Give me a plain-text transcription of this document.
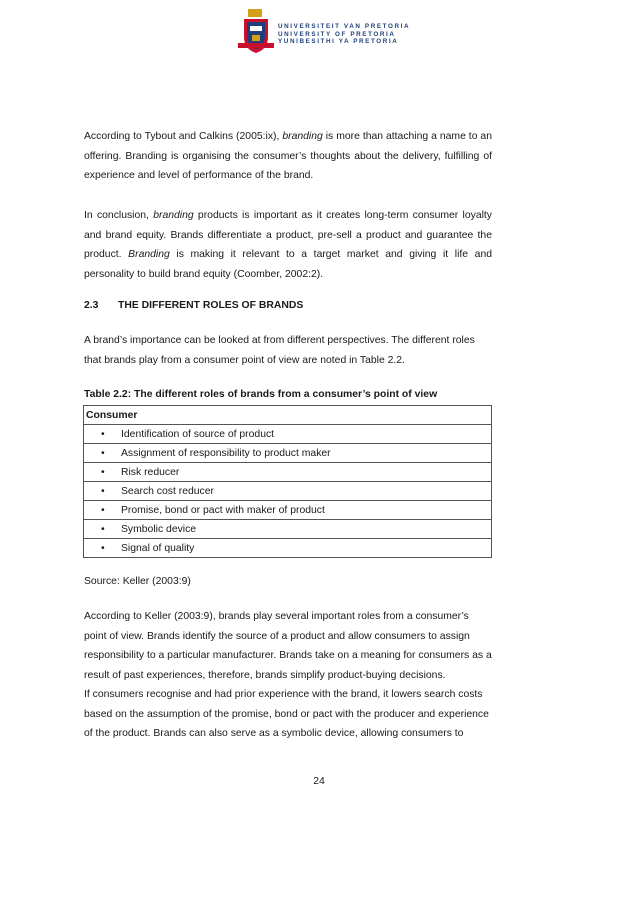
UNIVERSITEIT VAN PRETORIA
UNIVERSITY OF PRETORIA
YUNIBESITHI YA PRETORIA
According to Tybout and Calkins (2005:ix), branding is more than attaching a name to an offering. Branding is organising the consumer’s thoughts about the delivery, fulfilling of experience and level of performance of the brand.
In conclusion, branding products is important as it creates long-term consumer loyalty and brand equity. Brands differentiate a product, pre-sell a product and guarantee the product. Branding is making it relevant to a target market and giving it life and personality to build brand equity (Coomber, 2002:2).
2.3 THE DIFFERENT ROLES OF BRANDS
A brand’s importance can be looked at from different perspectives. The different roles that brands play from a consumer point of view are noted in Table 2.2.
Table 2.2: The different roles of brands from a consumer’s point of view
Consumer
• Identification of source of product
• Assignment of responsibility to product maker
• Risk reducer
• Search cost reducer
• Promise, bond or pact with maker of product
• Symbolic device
• Signal of quality
Source: Keller (2003:9)
According to Keller (2003:9), brands play several important roles from a consumer’s point of view. Brands identify the source of a product and allow consumers to assign responsibility to a particular manufacturer. Brands take on a meaning for consumers as a result of past experiences, therefore, brands simplify product-buying decisions.
If consumers recognise and had prior experience with the brand, it lowers search costs based on the assumption of the promise, bond or pact with the producer and experience of the product. Brands can also serve as a symbolic device, allowing consumers to
24
